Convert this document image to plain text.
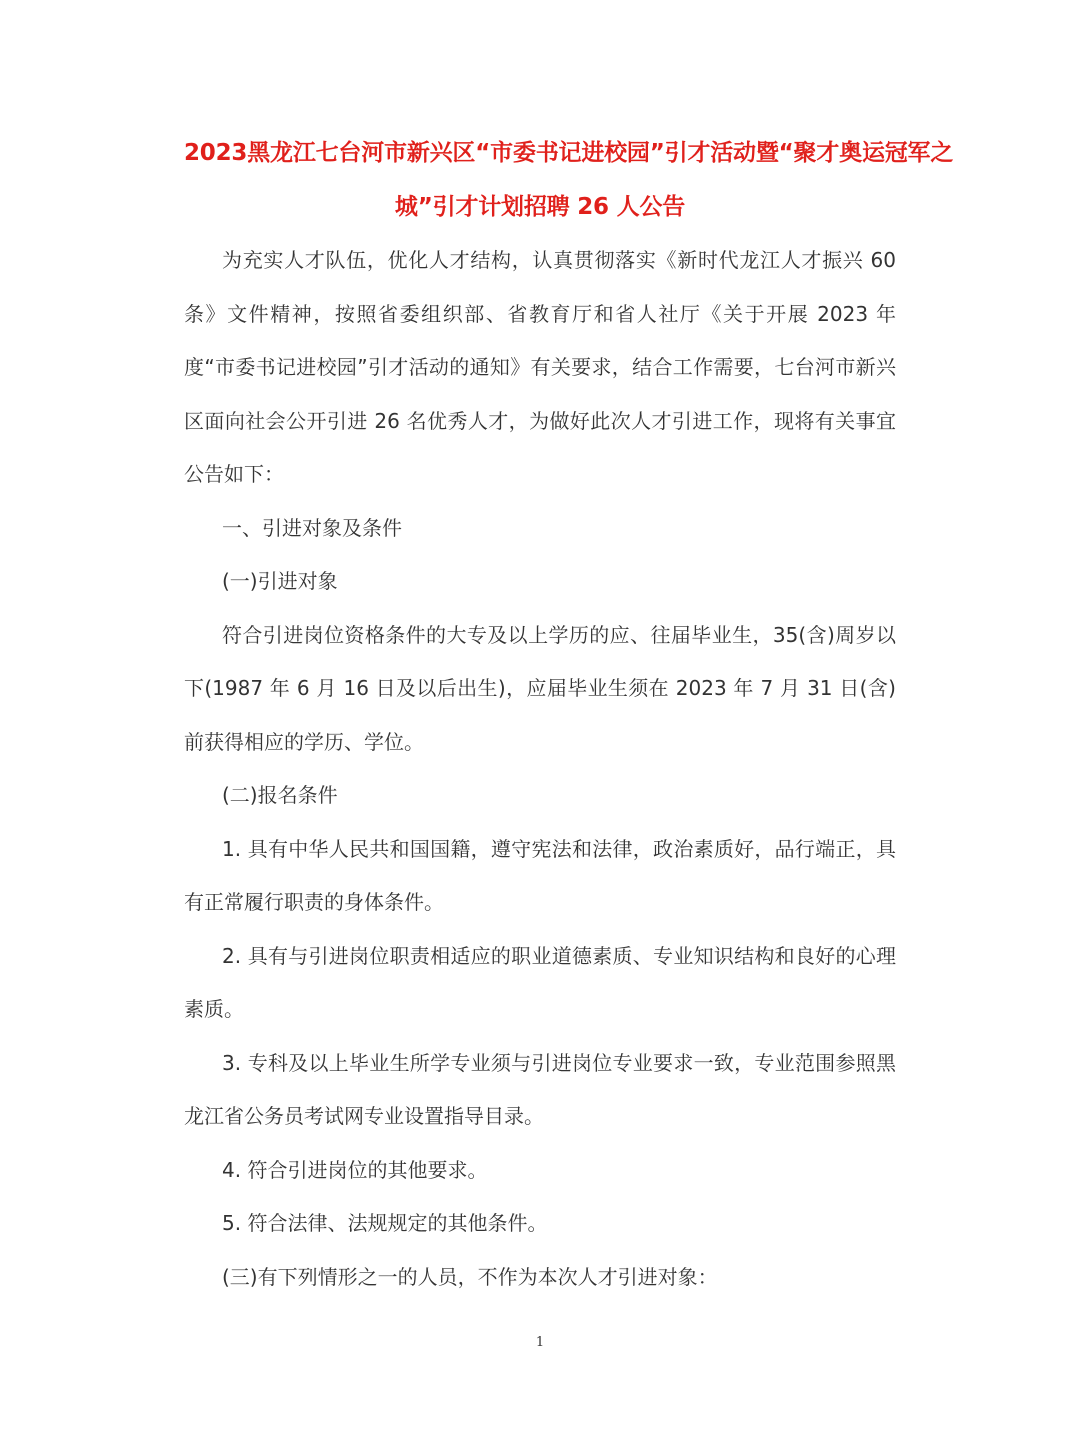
2023黑龙江七台河市新兴区“市委书记进校园”引才活动暨“聚才奥运冠军之
城”引才计划招聘 26 人公告

为充实人才队伍，优化人才结构，认真贯彻落实《新时代龙江人才振兴 60 条》文件精神，按照省委组织部、省教育厅和省人社厅《关于开展 2023 年度“市委书记进校园”引才活动的通知》有关要求，结合工作需要，七台河市新兴区面向社会公开引进 26 名优秀人才，为做好此次人才引进工作，现将有关事宜公告如下：

一、引进对象及条件

(一)引进对象

符合引进岗位资格条件的大专及以上学历的应、往届毕业生，35(含)周岁以下(1987 年 6 月 16 日及以后出生)，应届毕业生须在 2023 年 7 月 31 日(含)前获得相应的学历、学位。

(二)报名条件

1. 具有中华人民共和国国籍，遵守宪法和法律，政治素质好，品行端正，具有正常履行职责的身体条件。

2. 具有与引进岗位职责相适应的职业道德素质、专业知识结构和良好的心理素质。

3. 专科及以上毕业生所学专业须与引进岗位专业要求一致，专业范围参照黑龙江省公务员考试网专业设置指导目录。

4. 符合引进岗位的其他要求。

5. 符合法律、法规规定的其他条件。

(三)有下列情形之一的人员，不作为本次人才引进对象：

1
